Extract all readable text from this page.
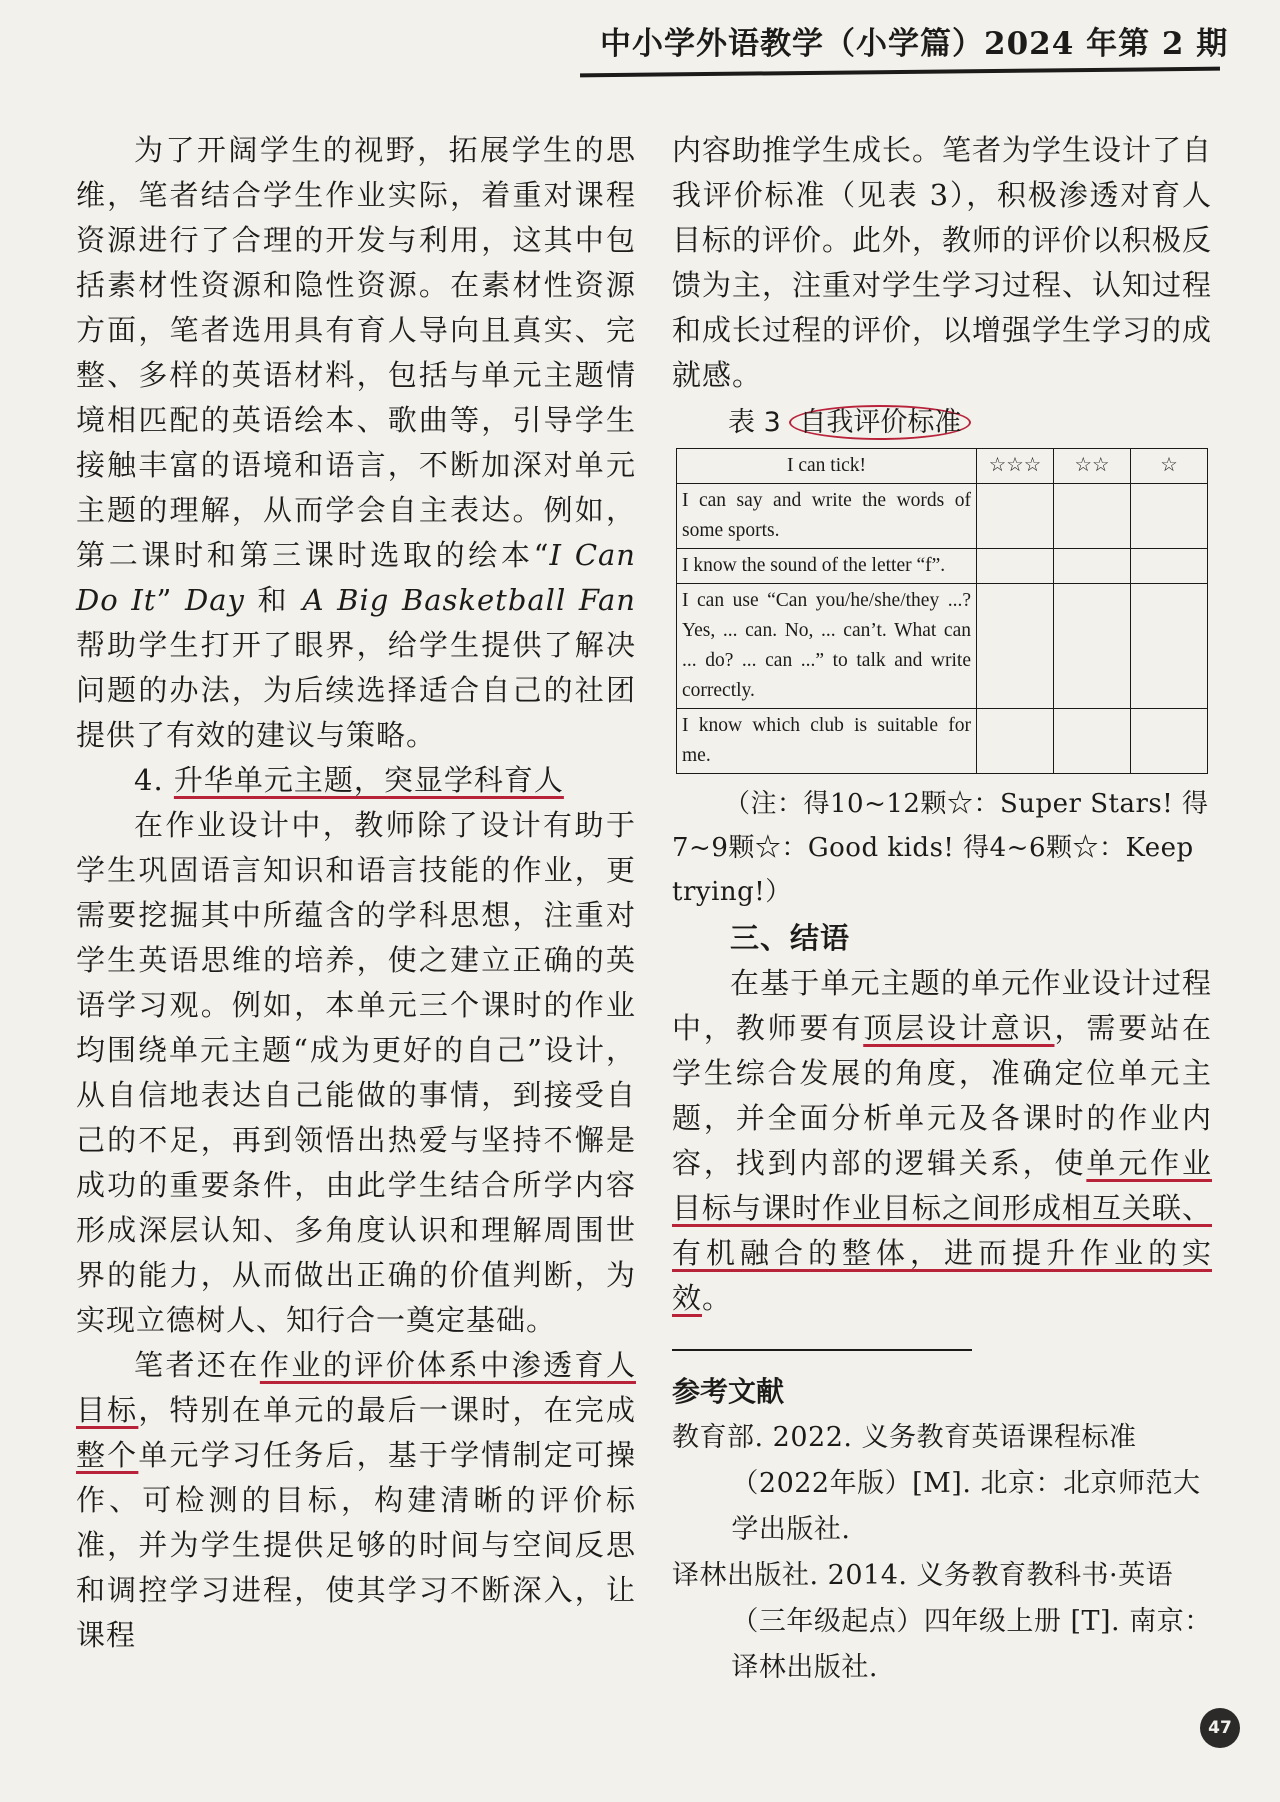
中小学外语教学（小学篇）2024 年第 2 期

为了开阔学生的视野，拓展学生的思维，笔者结合学生作业实际，着重对课程资源进行了合理的开发与利用，这其中包括素材性资源和隐性资源。在素材性资源方面，笔者选用具有育人导向且真实、完整、多样的英语材料，包括与单元主题情境相匹配的英语绘本、歌曲等，引导学生接触丰富的语境和语言，不断加深对单元主题的理解，从而学会自主表达。例如，第二课时和第三课时选取的绘本“I Can Do It” Day 和 A Big Basketball Fan 帮助学生打开了眼界，给学生提供了解决问题的办法，为后续选择适合自己的社团提供了有效的建议与策略。

4. 升华单元主题，突显学科育人

在作业设计中，教师除了设计有助于学生巩固语言知识和语言技能的作业，更需要挖掘其中所蕴含的学科思想，注重对学生英语思维的培养，使之建立正确的英语学习观。例如，本单元三个课时的作业均围绕单元主题“成为更好的自己”设计，从自信地表达自己能做的事情，到接受自己的不足，再到领悟出热爱与坚持不懈是成功的重要条件，由此学生结合所学内容形成深层认知、多角度认识和理解周围世界的能力，从而做出正确的价值判断，为实现立德树人、知行合一奠定基础。

笔者还在作业的评价体系中渗透育人目标，特别在单元的最后一课时，在完成整个单元学习任务后，基于学情制定可操作、可检测的目标，构建清晰的评价标准，并为学生提供足够的时间与空间反思和调控学习进程，使其学习不断深入，让课程

内容助推学生成长。笔者为学生设计了自我评价标准（见表 3），积极渗透对育人目标的评价。此外，教师的评价以积极反馈为主，注重对学生学习过程、认知过程和成长过程的评价，以增强学生学习的成就感。

表 3 自我评价标准

I can tick!	☆☆☆	☆☆	☆
I can say and write the words of some sports.			
I know the sound of the letter “f”.			
I can use “Can you/he/she/they ...? Yes, ... can. No, ... can’t. What can ... do? ... can ...” to talk and write correctly.			
I know which club is suitable for me.			

（注：得10~12颗☆：Super Stars! 得7~9颗☆：Good kids! 得4~6颗☆：Keep trying!）

三、结语

在基于单元主题的单元作业设计过程中，教师要有顶层设计意识，需要站在学生综合发展的角度，准确定位单元主题，并全面分析单元及各课时的作业内容，找到内部的逻辑关系，使单元作业目标与课时作业目标之间形成相互关联、有机融合的整体，进而提升作业的实效。

参考文献

教育部. 2022. 义务教育英语课程标准（2022年版）[M]. 北京：北京师范大学出版社.

译林出版社. 2014. 义务教育教科书·英语（三年级起点）四年级上册 [T]. 南京：译林出版社.

47
